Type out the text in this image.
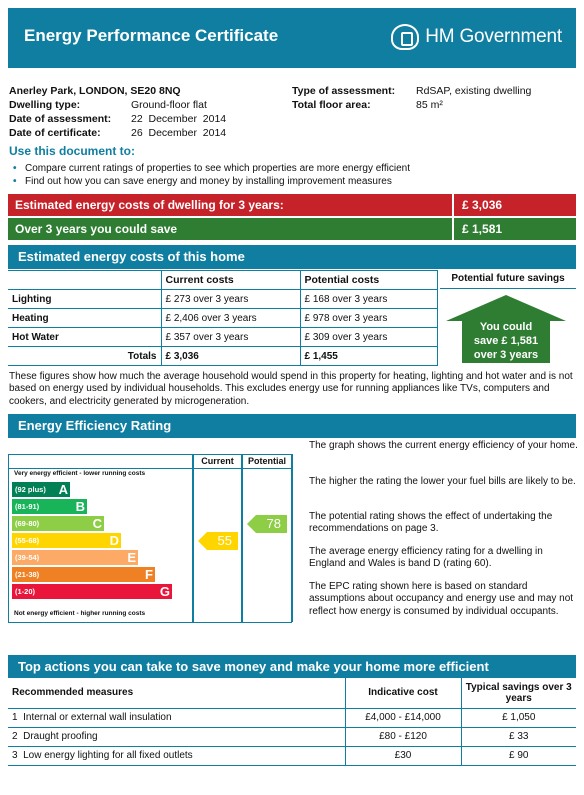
Energy Performance Certificate	HM Government
Anerley Park, LONDON, SE20 8NQ
Dwelling type:	Ground-floor flat
Date of assessment:	22  December  2014
Date of certificate:	26  December  2014
Type of assessment:	RdSAP, existing dwelling
Total floor area:	85 m²
Use this document to:
• Compare current ratings of properties to see which properties are more energy efficient
• Find out how you can save energy and money by installing improvement measures
Estimated energy costs of dwelling for 3 years:	£ 3,036
Over 3 years you could save	£ 1,581
Estimated energy costs of this home
	Current costs	Potential costs
Lighting	£ 273 over 3 years	£ 168 over 3 years
Heating	£ 2,406 over 3 years	£ 978 over 3 years
Hot Water	£ 357 over 3 years	£ 309 over 3 years
Totals	£ 3,036	£ 1,455
Potential future savings
You could
save £ 1,581
over 3 years
These figures show how much the average household would spend in this property for heating, lighting and hot water and is not based on energy used by individual households. This excludes energy use for running appliances like TVs, computers and cookers, and electricity generated by microgeneration.
Energy Efficiency Rating
Current	Potential
Very energy efficient - lower running costs
Not energy efficient - higher running costs
(92 plus) A
(81-91)	B
(69-80)	C
(55-68)	D
(39-54)	E
(21-38)	F
(1-20)	G
55
78
The graph shows the current energy efficiency of your home.
The higher the rating the lower your fuel bills are likely to be.
The potential rating shows the effect of undertaking the recommendations on page 3.
The average energy efficiency rating for a dwelling in England and Wales is band D (rating 60).
The EPC rating shown here is based on standard assumptions about occupancy and energy use and may not reflect how energy is consumed by individual occupants.
Top actions you can take to save money and make your home more efficient
Recommended measures	Indicative cost	Typical savings over 3 years
1 Internal or external wall insulation	£4,000 - £14,000	£ 1,050
2 Draught proofing	£80 - £120	£ 33
3 Low energy lighting for all fixed outlets	£30	£ 90
